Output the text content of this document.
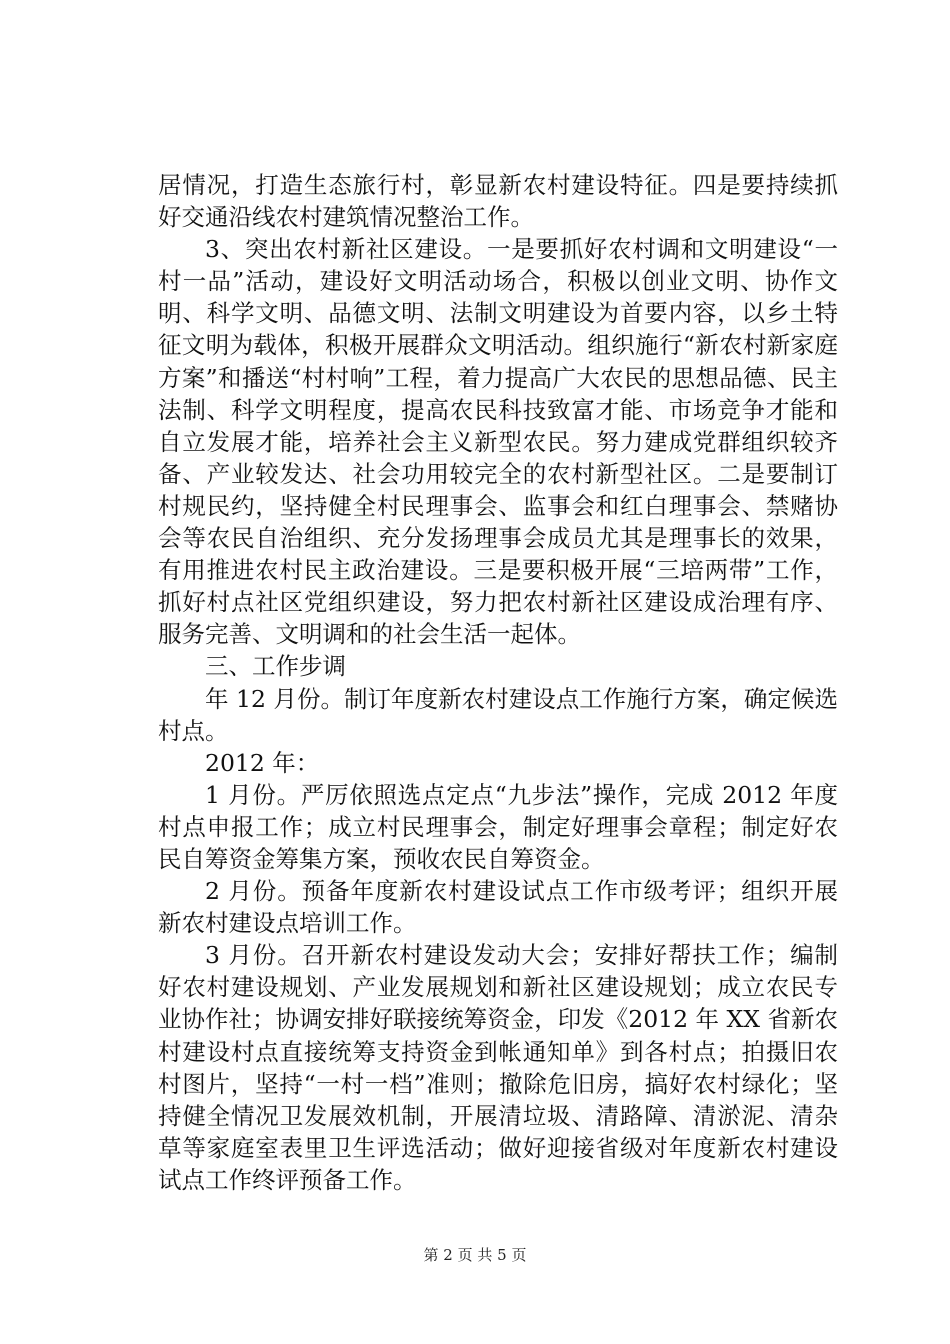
居情况，打造生态旅行村，彰显新农村建设特征。四是要持续抓好交通沿线农村建筑情况整治工作。

3、突出农村新社区建设。一是要抓好农村调和文明建设“一村一品”活动，建设好文明活动场合，积极以创业文明、协作文明、科学文明、品德文明、法制文明建设为首要内容，以乡土特征文明为载体，积极开展群众文明活动。组织施行“新农村新家庭方案”和播送“村村响”工程，着力提高广大农民的思想品德、民主法制、科学文明程度，提高农民科技致富才能、市场竞争才能和自立发展才能，培养社会主义新型农民。努力建成党群组织较齐备、产业较发达、社会功用较完全的农村新型社区。二是要制订村规民约，坚持健全村民理事会、监事会和红白理事会、禁赌协会等农民自治组织、充分发扬理事会成员尤其是理事长的效果，有用推进农村民主政治建设。三是要积极开展“三培两带”工作，抓好村点社区党组织建设，努力把农村新社区建设成治理有序、服务完善、文明调和的社会生活一起体。

三、工作步调

年 12 月份。制订年度新农村建设点工作施行方案，确定候选村点。

2012 年：

1 月份。严厉依照选点定点“九步法”操作，完成 2012 年度村点申报工作；成立村民理事会，制定好理事会章程；制定好农民自筹资金筹集方案，预收农民自筹资金。

2 月份。预备年度新农村建设试点工作市级考评；组织开展新农村建设点培训工作。

3 月份。召开新农村建设发动大会；安排好帮扶工作；编制好农村建设规划、产业发展规划和新社区建设规划；成立农民专业协作社；协调安排好联接统筹资金，印发《2012 年 XX 省新农村建设村点直接统筹支持资金到帐通知单》到各村点；拍摄旧农村图片，坚持“一村一档”准则；撤除危旧房，搞好农村绿化；坚持健全情况卫发展效机制，开展清垃圾、清路障、清淤泥、清杂草等家庭室表里卫生评选活动；做好迎接省级对年度新农村建设试点工作终评预备工作。

第 2 页 共 5 页
